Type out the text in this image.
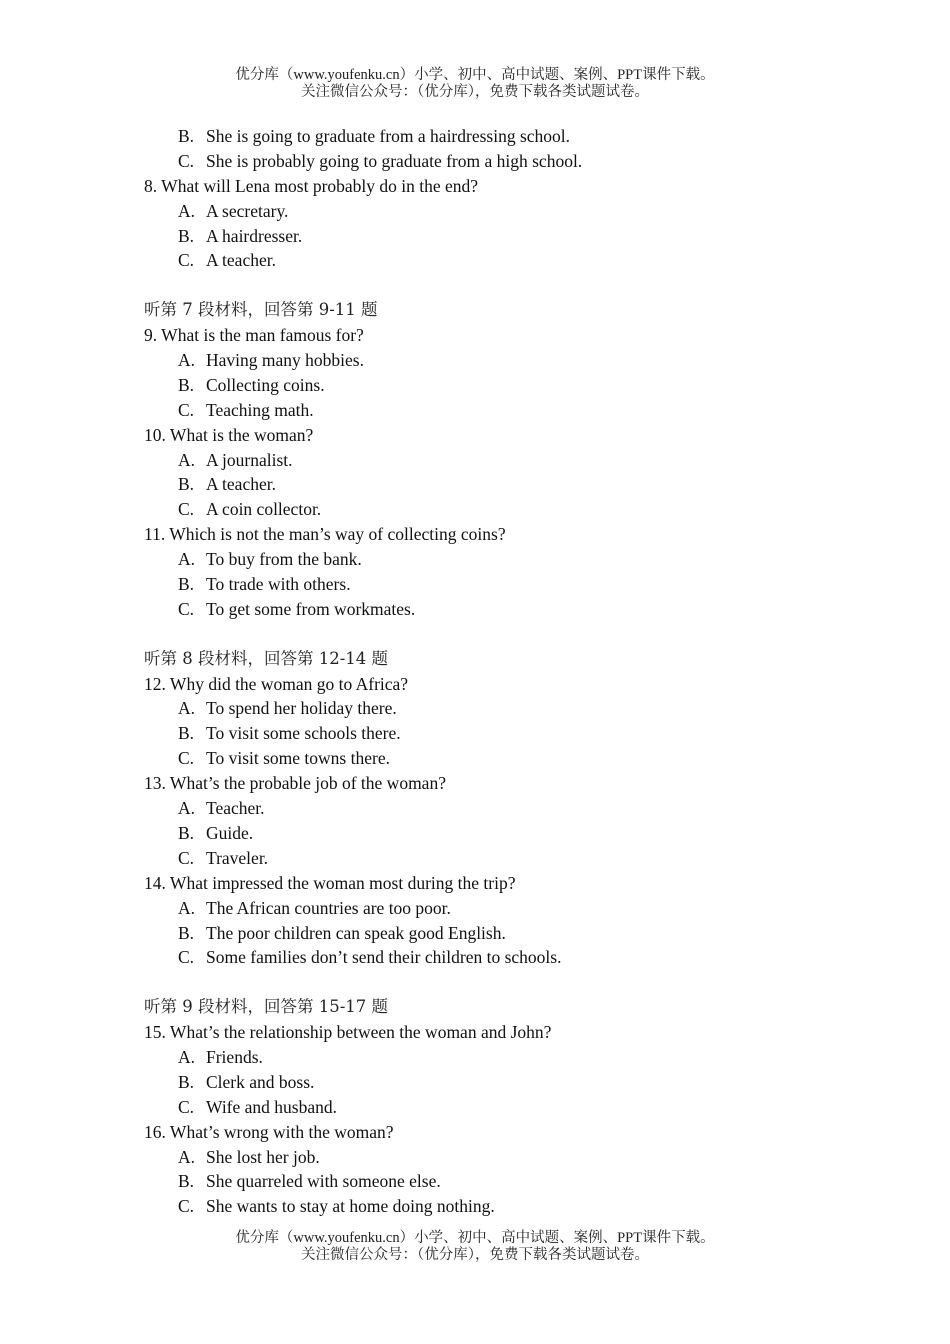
优分库（www.youfenku.cn）小学、初中、高中试题、案例、PPT课件下载。
关注微信公众号：（优分库），免费下载各类试题试卷。
B. She is going to graduate from a hairdressing school.
C. She is probably going to graduate from a high school.
8. What will Lena most probably do in the end?
A. A secretary.
B. A hairdresser.
C. A teacher.
听第 7 段材料，回答第 9-11 题
9. What is the man famous for?
A. Having many hobbies.
B. Collecting coins.
C. Teaching math.
10. What is the woman?
A. A journalist.
B. A teacher.
C. A coin collector.
11. Which is not the man’s way of collecting coins?
A. To buy from the bank.
B. To trade with others.
C. To get some from workmates.
听第 8 段材料，回答第 12-14 题
12. Why did the woman go to Africa?
A. To spend her holiday there.
B. To visit some schools there.
C. To visit some towns there.
13. What’s the probable job of the woman?
A. Teacher.
B. Guide.
C. Traveler.
14. What impressed the woman most during the trip?
A. The African countries are too poor.
B. The poor children can speak good English.
C. Some families don’t send their children to schools.
听第 9 段材料，回答第 15-17 题
15. What’s the relationship between the woman and John?
A. Friends.
B. Clerk and boss.
C. Wife and husband.
16. What’s wrong with the woman?
A. She lost her job.
B. She quarreled with someone else.
C. She wants to stay at home doing nothing.
优分库（www.youfenku.cn）小学、初中、高中试题、案例、PPT课件下载。
关注微信公众号：（优分库），免费下载各类试题试卷。
